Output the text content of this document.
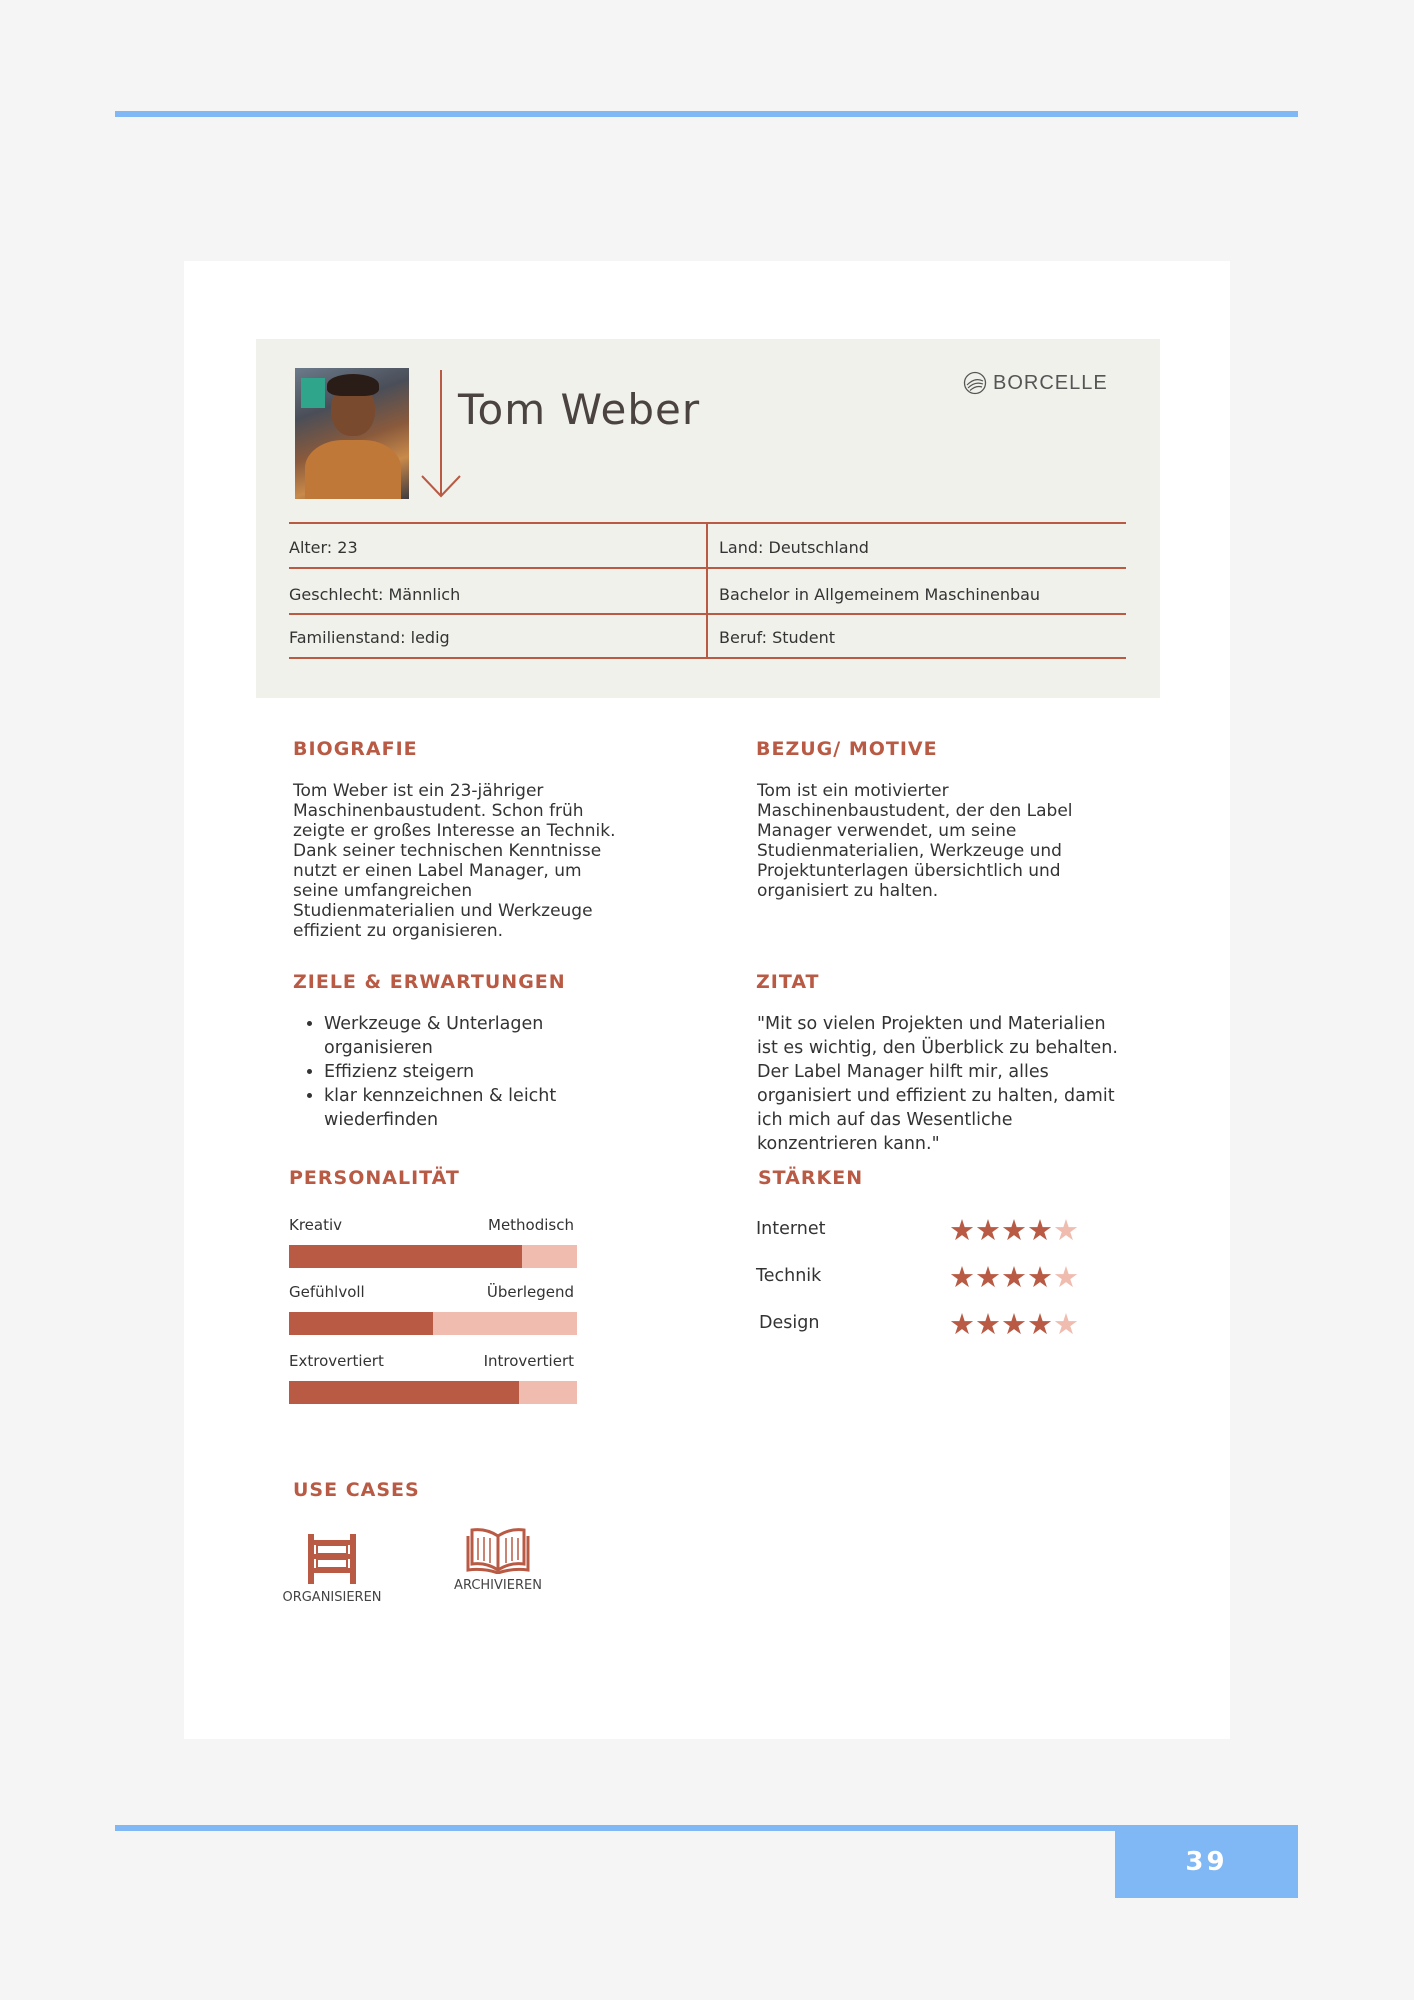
Tom Weber
BORCELLE
Alter: 23	Land: Deutschland
Geschlecht: Männlich	Bachelor in Allgemeinem Maschinenbau
Familienstand: ledig	Beruf: Student
BIOGRAFIE
Tom Weber ist ein 23-jähriger
Maschinenbaustudent. Schon früh
zeigte er großes Interesse an Technik.
Dank seiner technischen Kenntnisse
nutzt er einen Label Manager, um
seine umfangreichen
Studienmaterialien und Werkzeuge
effizient zu organisieren.
BEZUG/ MOTIVE
Tom ist ein motivierter
Maschinenbaustudent, der den Label
Manager verwendet, um seine
Studienmaterialien, Werkzeuge und
Projektunterlagen übersichtlich und
organisiert zu halten.
ZIELE & ERWARTUNGEN
• Werkzeuge & Unterlagen organisieren
• Effizienz steigern
• klar kennzeichnen & leicht wiederfinden
ZITAT

"Mit so vielen Projekten und Materialien ist es wichtig, den Überblick zu behalten. Der Label Manager hilft mir, alles organisiert und effizient zu halten, damit ich mich auf das Wesentliche konzentrieren kann."

PERSONALITÄT
Kreativ	Methodisch
Gefühlvoll	Überlegend
Extrovertiert	Introvertiert
STÄRKEN
Internet	★ ★ ★ ★ ★
Technik	★ ★ ★ ★ ★
Design	★ ★ ★ ★ ★
USE CASES
ORGANISIEREN
ARCHIVIEREN
39
